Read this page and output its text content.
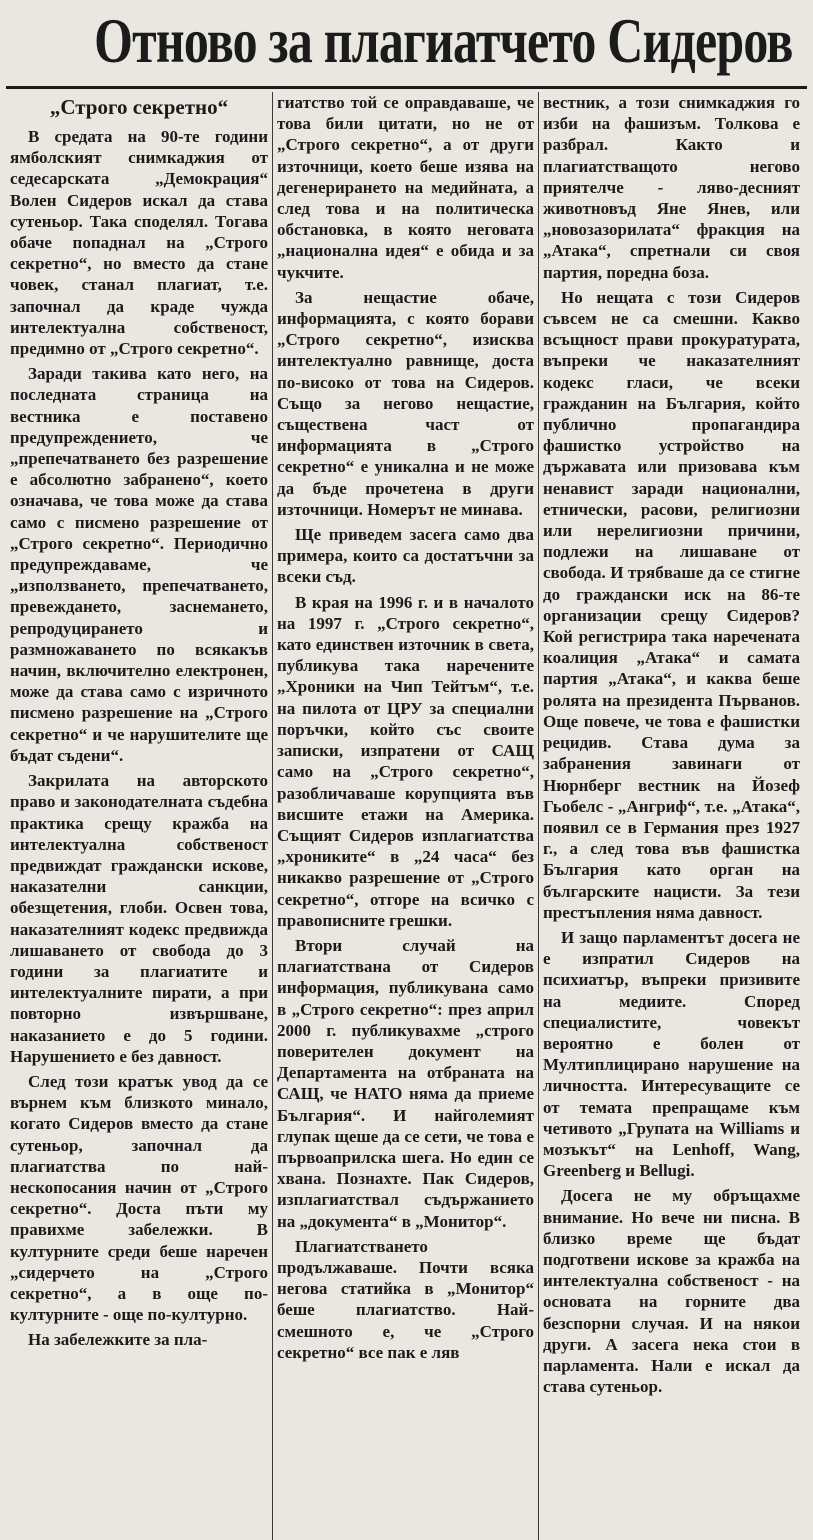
Отново за плагиатчето Сидеров
„Строго секретно“

В средата на 90-те години ямболският снимкаджия от седесарската „Демокрация“ Волен Сидеров искал да става сутеньор. Така споделял. Тогава обаче попаднал на „Строго секретно“, но вместо да стане човек, станал плагиат, т.е. започнал да краде чужда интелектуална собственост, предимно от „Строго секретно“.

Заради такива като него, на последната страница на вестника е поставено предупреждението, че „препечатването без разрешение е абсолютно забранено“, което означава, че това може да става само с писмено разрешение от „Строго секретно“. Периодично предупреждаваме, че „използването, препечатването, превеждането, заснемането, репродуцирането и размножаването по всякакъв начин, включително електронен, може да става само с изричното писмено разрешение на „Строго секретно“ и че нарушителите ще бъдат съдени“.

Закрилата на авторското право и законодателната съдебна практика срещу кражба на интелектуална собственост предвиждат граждански искове, наказателни санкции, обезщетения, глоби. Освен това, наказателният кодекс предвижда лишаването от свобода до 3 години за плагиатите и интелектуалните пирати, а при повторно извършване, наказанието е до 5 години. Нарушението е без давност.

След този кратък увод да се върнем към близкото минало, когато Сидеров вместо да стане сутеньор, започнал да плагиатства по най-нескопосания начин от „Строго секретно“. Доста пъти му правихме забележки. В културните среди беше наречен „сидерчето на „Строго секретно“, а в още по-културните - още по-културно.

На забележките за пла-

гиатство той се оправдаваше, че това били цитати, но не от „Строго секретно“, а от други източници, което беше изява на дегенерирането на медийната, а след това и на политическа обстановка, в която неговата „национална идея“ е обида и за чукчите.

За нещастие обаче, информацията, с която борави „Строго секретно“, изисква интелектуално равнище, доста по-високо от това на Сидеров. Също за негово нещастие, съществена част от информацията в „Строго секретно“ е уникална и не може да бъде прочетена в други източници. Номерът не минава.

Ще приведем засега само два примера, които са достатъчни за всеки съд.

В края на 1996 г. и в началото на 1997 г. „Строго секретно“, като единствен източник в света, публикува така наречените „Хроники на Чип Тейтъм“, т.е. на пилота от ЦРУ за специални поръчки, който със своите записки, изпратени от САЩ само на „Строго секретно“, разобличаваше корупцията във висшите етажи на Америка. Същият Сидеров изплагиатства „хрониките“ в „24 часа“ без никакво разрешение от „Строго секретно“, отгоре на всичко с правописните грешки.

Втори случай на плагиатствана от Сидеров информация, публикувана само в „Строго секретно“: през април 2000 г. публикувахме „строго поверителен документ на Департамента на отбраната на САЩ, че НАТО няма да приеме България“. И найголемият глупак щеше да се сети, че това е първоаприлска шега. Но един се хвана. Познахте. Пак Сидеров, изплагиатствал съдържанието на „документа“ в „Монитор“.

Плагиатстването продължаваше. Почти всяка негова статийка в „Монитор“ беше плагиатство. Най-смешното е, че „Строго секретно“ все пак е ляв

вестник, а този снимкаджия го изби на фашизъм. Толкова е разбрал. Както и плагиатстващото негово приятелче - ляво-десният животновъд Яне Янев, или „новозазорилата“ фракция на „Атака“, спретнали си своя партия, поредна боза.

Но нещата с този Сидеров съвсем не са смешни. Какво всъщност прави прокуратурата, въпреки че наказателният кодекс гласи, че всеки гражданин на България, който публично пропагандира фашистко устройство на държавата или призовава към ненавист заради национални, етнически, расови, религиозни или нерелигиозни причини, подлежи на лишаване от свобода. И трябваше да се стигне до граждански иск на 86-те организации срещу Сидеров? Кой регистрира така наречената коалиция „Атака“ и самата партия „Атака“, и каква беше ролята на президента Първанов. Още повече, че това е фашистки рецидив. Става дума за забранения завинаги от Нюрнберг вестник на Йозеф Гьобелс - „Ангриф“, т.е. „Атака“, появил се в Германия през 1927 г., а след това във фашистка България като орган на българските нацисти. За тези престъпления няма давност.

И защо парламентът досега не е изпратил Сидеров на психиатър, въпреки призивите на медиите. Според специалистите, човекът вероятно е болен от Мултиплицирано нарушение на личността. Интересуващите се от темата препращаме към четивото „Групата на Williams и мозъкът“ на Lenhoff, Wang, Greenberg и Bellugi.

Досега не му обръщахме внимание. Но вече ни писна. В близко време ще бъдат подготвени искове за кражба на интелектуална собственост - на основата на горните два безспорни случая. И на някои други. А засега нека стои в парламента. Нали е искал да става сутеньор.
